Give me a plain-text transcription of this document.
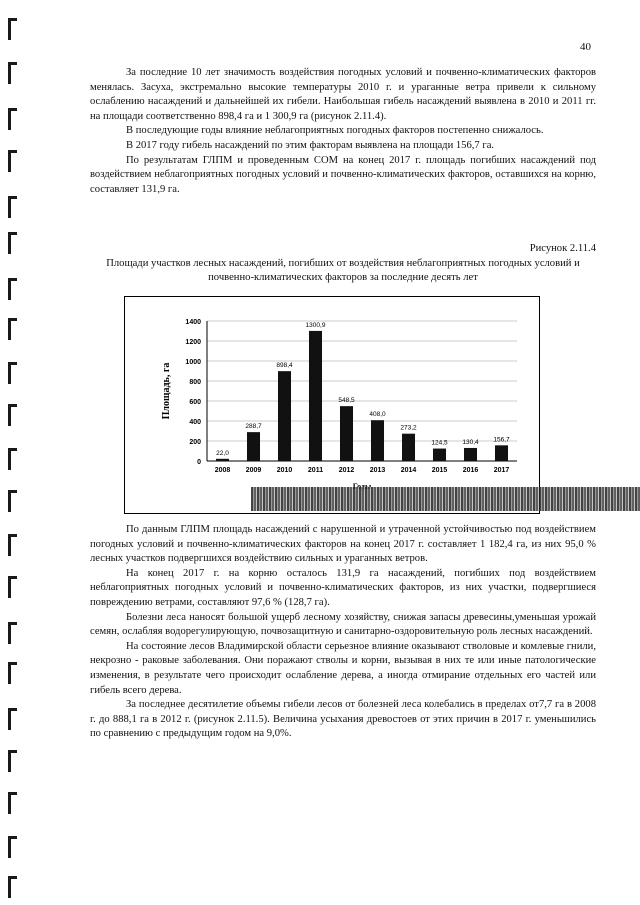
40

За последние 10 лет значимость воздействия погодных условий и почвенно-климатических факторов менялась. Засуха, экстремально высокие температуры 2010 г. и ураганные ветра привели к сильному ослаблению насаждений и дальнейшей их гибели. Наибольшая гибель насаждений выявлена в 2010 и 2011 гг. на площади соответственно 898,4 га и 1 300,9 га (рисунок 2.11.4).

В последующие годы влияние неблагоприятных погодных факторов постепенно снижалось.

В 2017 году гибель насаждений по этим факторам выявлена на площади 156,7 га.

По результатам ГЛПМ и проведенным СОМ на конец 2017 г. площадь погибших насаждений под воздействием неблагоприятных погодных условий и почвенно-климатических факторов, оставшихся на корню, составляет 131,9 га.

Рисунок 2.11.4
Площади участков лесных насаждений, погибших от воздействия неблагоприятных погодных условий и почвенно-климатических факторов за последние десять лет
0
200
400
600
800
1000
1200
1400
22,0
2008
288,7
2009
898,4
2010
1300,9
2011
548,5
2012
408,0
2013
273,2
2014
124,5
2015
130,4
2016
156,7
2017
Площадь, га

По данным ГЛПМ площадь насаждений с нарушенной и утраченной устойчивостью под воздействием погодных условий и почвенно-климатических факторов на конец 2017 г. составляет 1 182,4 га, из них 95,0 % лесных участков подвергшихся воздействию сильных и ураганных ветров.

На конец 2017 г. на корню осталось 131,9 га насаждений, погибших под воздействием неблагоприятных погодных условий и почвенно-климатических факторов, из них участки, подвергшиеся повреждению ветрами, составляют 97,6 % (128,7 га).

Болезни леса наносят большой ущерб лесному хозяйству, снижая запасы древесины,уменьшая урожай семян, ослабляя водорегулирующую, почвозащитную и санитарно-оздоровительную роль лесных насаждений.

На состояние лесов Владимирской области серьезное влияние оказывают стволовые и комлевые гнили, некрозно - раковые заболевания. Они поражают стволы и корни, вызывая в них те или иные патологические изменения, в результате чего происходит ослабление дерева, а иногда отмирание отдельных его частей или гибель всего дерева.

За последнее десятилетие объемы гибели лесов от болезней леса колебались в пределах от7,7 га в 2008 г. до 888,1 га в 2012 г. (рисунок 2.11.5). Величина усыхания древостоев от этих причин в 2017 г. уменьшились по сравнению с предыдущим годом на 9,0%.
